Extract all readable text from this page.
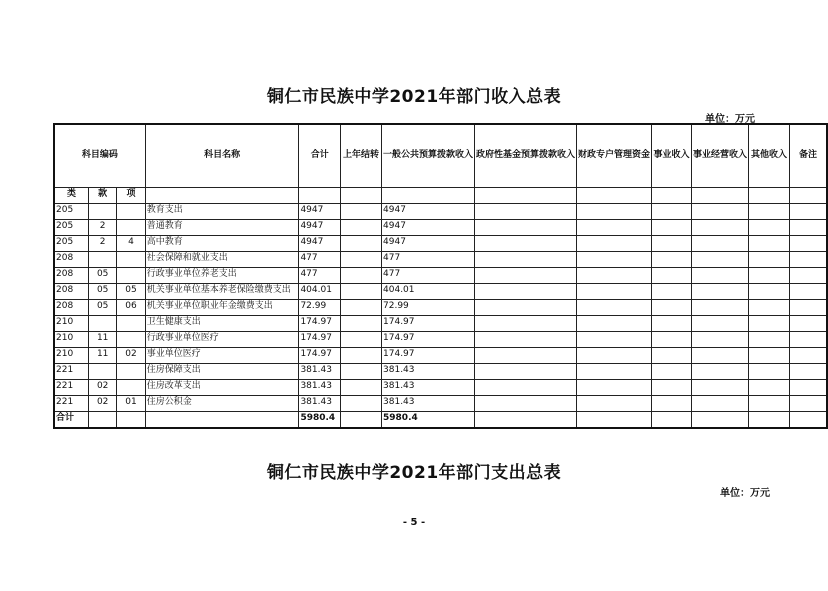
铜仁市民族中学2021年部门收入总表
单位：万元
科目编码			科目名称	合计	上年结转	一般公共预算拨款收入	政府性基金预算拨款收入	财政专户管理资金	事业收入	事业经营收入	其他收入	备注
类	款	项										
205			教育支出	4947		4947						
205	2		普通教育	4947		4947						
205	2	4	高中教育	4947		4947						
208			社会保障和就业支出	477		477						
208	05		行政事业单位养老支出	477		477						
208	05	05	机关事业单位基本养老保险缴费支出	404.01		404.01						
208	05	06	机关事业单位职业年金缴费支出	72.99		72.99						
210			卫生健康支出	174.97		174.97						
210	11		行政事业单位医疗	174.97		174.97						
210	11	02	事业单位医疗	174.97		174.97						
221			住房保障支出	381.43		381.43						
221	02		住房改革支出	381.43		381.43						
221	02	01	住房公积金	381.43		381.43						
合计				5980.4		5980.4						
铜仁市民族中学2021年部门支出总表
单位：万元
- 5 -
